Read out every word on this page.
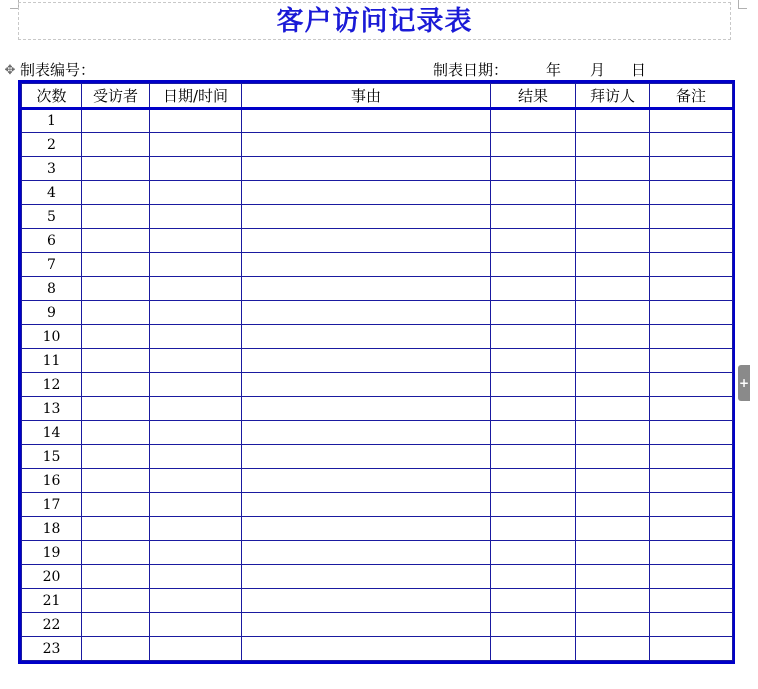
客户访问记录表
✥ 制表编号：	制表日期：	年 月 日
次数	受访者	日期/时间	事由	结果	拜访人	备注
1						
2						
3						
4						
5						
6						
7						
8						
9						
10						
11						
12						
13						
14						
15						
16						
17						
18						
19						
20						
21						
22						
23						
+
